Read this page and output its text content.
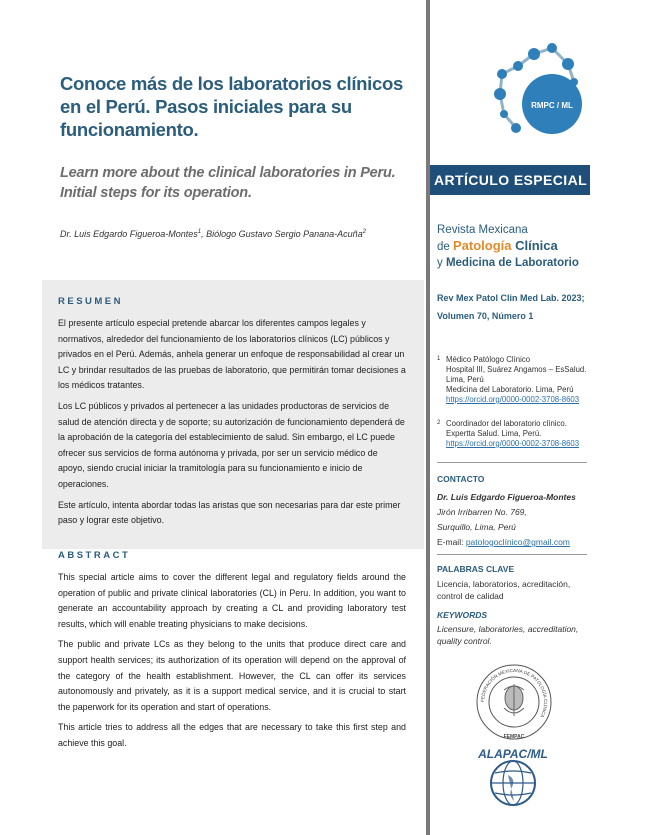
Conoce más de los laboratorios clínicos en el Perú. Pasos iniciales para su funcionamiento.
Learn more about the clinical laboratories in Peru. Initial steps for its operation.
Dr. Luis Edgardo Figueroa-Montes$^1$, Biólogo Gustavo Sergio Panana-Acuña$^2$
RESUMEN

El presente artículo especial pretende abarcar los diferentes campos legales y normativos, alrededor del funcionamiento de los laboratorios clínicos (LC) públicos y privados en el Perú. Además, anhela generar un enfoque de responsabilidad al crear un LC y brindar resultados de las pruebas de laboratorio, que permitirán tomar decisiones a los médicos tratantes.

Los LC públicos y privados al pertenecer a las unidades productoras de servicios de salud de atención directa y de soporte; su autorización de funcionamiento dependerá de la aprobación de la categoría del establecimiento de salud. Sin embargo, el LC puede ofrecer sus servicios de forma autónoma y privada, por ser un servicio médico de apoyo, siendo crucial iniciar la tramitología para su funcionamiento e inicio de operaciones.

Este artículo, intenta abordar todas las aristas que son necesarias para dar este primer paso y lograr este objetivo.

ABSTRACT

This special article aims to cover the different legal and regulatory fields around the operation of public and private clinical laboratories (CL) in Peru. In addition, you want to generate an accountability approach by creating a CL and providing laboratory test results, which will enable treating physicians to make decisions.

The public and private LCs as they belong to the units that produce direct care and support health services; its authorization of its operation will depend on the approval of the category of the health establishment. However, the CL can offer its services autonomously and privately, as it is a support medical service, and it is crucial to start the paperwork for its operation and start of operations.

This article tries to address all the edges that are necessary to take this first step and achieve this goal.

RMPC / ML
ARTÍCULO ESPECIAL
Revista Mexicana
de Patología Clínica
y Medicina de Laboratorio
Rev Mex Patol Clin Med Lab. 2023;
Volumen 70, Número 1
1 Médico Patólogo Clínico
Hospital III, Suárez Angamos – EsSalud.
Lima, Perú
Medicina del Laboratorio. Lima, Perú
https://orcid.org/0000-0002-3708-8603
2 Coordinador del laboratorio clínico.
Expertta Salud. Lima, Perú.
https://orcid.org/0000-0002-3708-8603
CONTACTO
Dr. Luis Edgardo Figueroa-Montes
Jirón Irribarren No. 769,
Surquillo, Lima, Perú
E-mail: patologoclínico@gmail.com
PALABRAS CLAVE
Licencia, laboratorios, acreditación, control de calidad
KEYWORDS
Licensure, laboratories, accreditation, quality control.
FEDERACIÓN MEXICANA DE PATOLOGÍA CLÍNICA
FEMPAC
ALAPAC/ML
